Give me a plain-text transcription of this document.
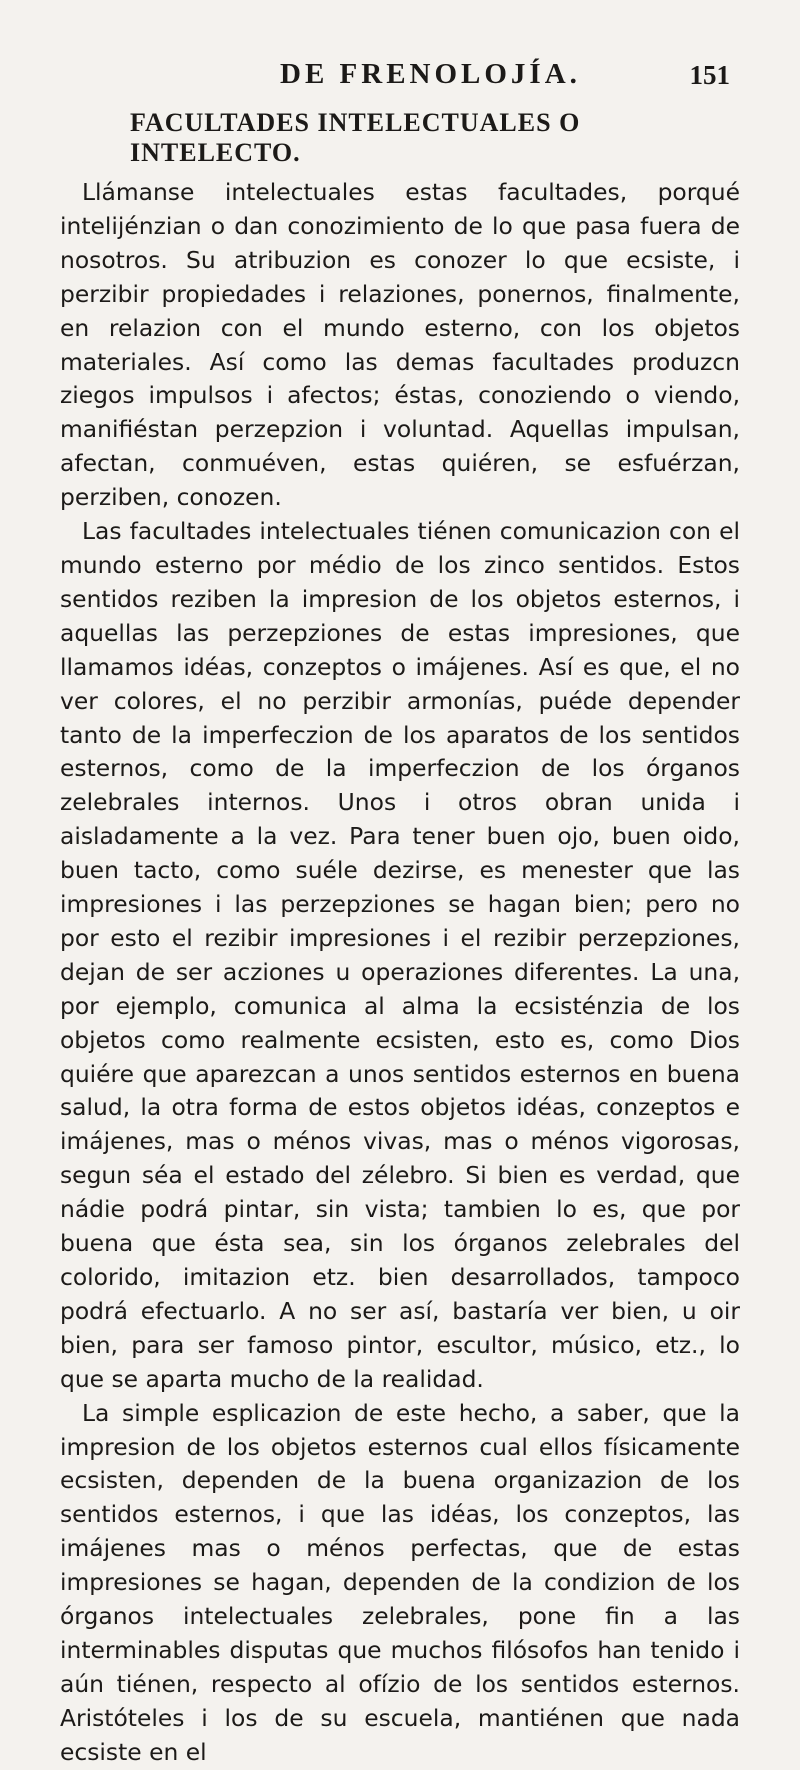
DE FRENOLOJÍA.	151
FACULTADES INTELECTUALES O INTELECTO.

Llámanse intelectuales estas facultades, porqué intelijénzian o dan conozimiento de lo que pasa fuera de nosotros. Su atribuzion es conozer lo que ecsiste, i perzibir propiedades i relaziones, ponernos, finalmente, en relazion con el mundo esterno, con los objetos materiales. Así como las demas facultades produzcn ziegos impulsos i afectos; éstas, conoziendo o viendo, manifiéstan perzepzion i voluntad. Aquellas impulsan, afectan, conmuéven, estas quiéren, se esfuérzan, perziben, conozen.

Las facultades intelectuales tiénen comunicazion con el mundo esterno por médio de los zinco sentidos. Estos sentidos reziben la impresion de los objetos esternos, i aquellas las perzepziones de estas impresiones, que llamamos idéas, conzeptos o imájenes. Así es que, el no ver colores, el no perzibir armonías, puéde depender tanto de la imperfeczion de los aparatos de los sentidos esternos, como de la imperfeczion de los órganos zelebrales internos. Unos i otros obran unida i aisladamente a la vez. Para tener buen ojo, buen oido, buen tacto, como suéle dezirse, es menester que las impresiones i las perzepziones se hagan bien; pero no por esto el rezibir impresiones i el rezibir perzepziones, dejan de ser acziones u operaziones diferentes. La una, por ejemplo, comunica al alma la ecsisténzia de los objetos como realmente ecsisten, esto es, como Dios quiére que aparezcan a unos sentidos esternos en buena salud, la otra forma de estos objetos idéas, conzeptos e imájenes, mas o ménos vivas, mas o ménos vigorosas, segun séa el estado del zélebro. Si bien es verdad, que nádie podrá pintar, sin vista; tambien lo es, que por buena que ésta sea, sin los órganos zelebrales del colorido, imitazion etz. bien desarrollados, tampoco podrá efectuarlo. A no ser así, bastaría ver bien, u oir bien, para ser famoso pintor, escultor, músico, etz., lo que se aparta mucho de la realidad.

La simple esplicazion de este hecho, a saber, que la impresion de los objetos esternos cual ellos físicamente ecsisten, dependen de la buena organizazion de los sentidos esternos, i que las idéas, los conzeptos, las imájenes mas o ménos perfectas, que de estas impresiones se hagan, dependen de la condizion de los órganos intelectuales zelebrales, pone fin a las interminables disputas que muchos filósofos han tenido i aún tiénen, respecto al ofízio de los sentidos esternos. Aristóteles i los de su escuela, mantiénen que nada ecsiste en el
